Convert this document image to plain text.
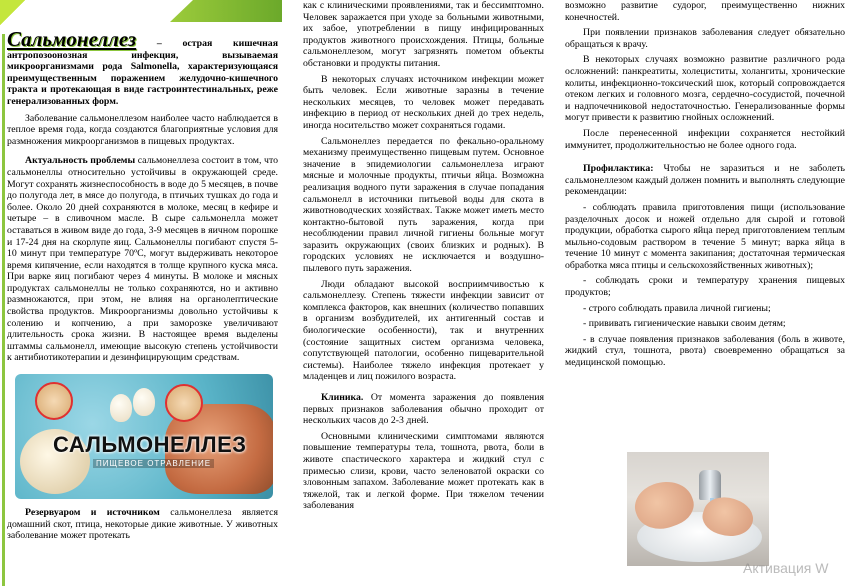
Сальмонеллез – острая кишечная антропозоонозная инфекция, вызываемая микроорганизмами рода Salmonella, характеризующаяся преимущественным поражением желудочно-кишечного тракта и протекающая в виде гастроинтестинальных, реже генерализованных форм.

Заболевание сальмонеллезом наиболее часто наблюдается в теплое время года, когда создаются благоприятные условия для размножения микроорганизмов в пищевых продуктах.

Актуальность проблемы сальмонеллеза состоит в том, что сальмонеллы относительно устойчивы в окружающей среде. Могут сохранять жизнеспособность в воде до 5 месяцев, в почве до полугода лет, в мясе до полугода, в птичьих тушках до года и более. Около 20 дней сохраняются в молоке, месяц в кефире и четыре – в сливочном масле. В сыре сальмонелла может оставаться в живом виде до года, 3-9 месяцев в яичном порошке и 17-24 дня на скорлупе яиц. Сальмонеллы погибают спустя 5-10 минут при температуре 70ºС, могут выдерживать некоторое время кипячение, если находятся в толще крупного куска мяса. При варке яиц погибают через 4 минуты. В молоке и мясных продуктах сальмонеллы не только сохраняются, но и активно размножаются, при этом, не влияя на органолептические свойства продуктов. Микроорганизмы довольно устойчивы к солению и копчению, а при заморозке увеличивают длительность срока жизни. В настоящее время выделены штаммы сальмонелл, имеющие высокую степень устойчивости к антибиотикотерапии и дезинфицирующим средствам.

САЛЬМОНЕЛЛЕЗ
ПИЩЕВОЕ ОТРАВЛЕНИЕ

Резервуаром и источником сальмонеллеза является домашний скот, птица, некоторые дикие животные. У животных заболевание может протекать

как с клиническими проявлениями, так и бессимптомно. Человек заражается при уходе за больными животными, их забое, употреблении в пищу инфицированных продуктов животного происхождения. Птицы, больные сальмонеллезом, могут загрязнять пометом объекты обстановки и продукты питания.

В некоторых случаях источником инфекции может быть человек. Если животные заразны в течение нескольких месяцев, то человек может передавать инфекцию в период от нескольких дней до трех недель, иногда носительство может сохраняться годами.

Сальмонеллез передается по фекально-оральному механизму преимущественно пищевым путем. Основное значение в эпидемиологии сальмонеллеза играют мясные и молочные продукты, птичьи яйца. Возможна реализация водного пути заражения в случае попадания сальмонелл в источники питьевой воды для скота в животноводческих хозяйствах. Также может иметь место контактно-бытовой путь заражения, когда при несоблюдении правил личной гигиены больные могут заразить окружающих (своих близких и родных). В городских условиях не исключается и воздушно-пылевого путь заражения.

Люди обладают высокой восприимчивостью к сальмонеллезу. Степень тяжести инфекции зависит от комплекса факторов, как внешних (количество попавших в организм возбудителей, их антигенный состав и биологические особенности), так и внутренних (состояние защитных систем организма человека, сопутствующей патологии, особенно пищеварительной системы). Наиболее тяжело инфекция протекает у младенцев и лиц пожилого возраста.

Клиника. От момента заражения до появления первых признаков заболевания обычно проходит от нескольких часов до 2-3 дней.

Основными клиническими симптомами являются повышение температуры тела, тошнота, рвота, боли в животе спастического характера и жидкий стул с примесью слизи, крови, часто зеленоватой окраски со зловонным запахом. Заболевание может протекать как в тяжелой, так и легкой форме. При тяжелом течении заболевания

возможно развитие судорог, преимущественно нижних конечностей.

При появлении признаков заболевания следует обязательно обращаться к врачу.

В некоторых случаях возможно развитие различного рода осложнений: панкреатиты, холециститы, холангиты, хронические колиты, инфекционно-токсический шок, который сопровождается отеком легких и головного мозга, сердечно-сосудистой, почечной и надпочечниковой недостаточностью. Генерализованные формы могут привести к развитию гнойных осложнений.

После перенесенной инфекции сохраняется нестойкий иммунитет, продолжительностью не более одного года.

Профилактика: Чтобы не заразиться и не заболеть сальмонеллезом каждый должен помнить и выполнять следующие рекомендации:

- соблюдать правила приготовления пищи (использование разделочных досок и ножей отдельно для сырой и готовой продукции, обработка сырого яйца перед приготовлением теплым мыльно-содовым раствором в течение 5 минут; варка яйца в течение 10 минут с момента закипания; достаточная термическая обработка мяса птицы и сельскохозяйственных животных);

- соблюдать сроки и температуру хранения пищевых продуктов;

- строго соблюдать правила личной гигиены;

- прививать гигиенические навыки своим детям;

- в случае появления признаков заболевания (боль в животе, жидкий стул, тошнота, рвота) своевременно обращаться за медицинской помощью.

Активация W
